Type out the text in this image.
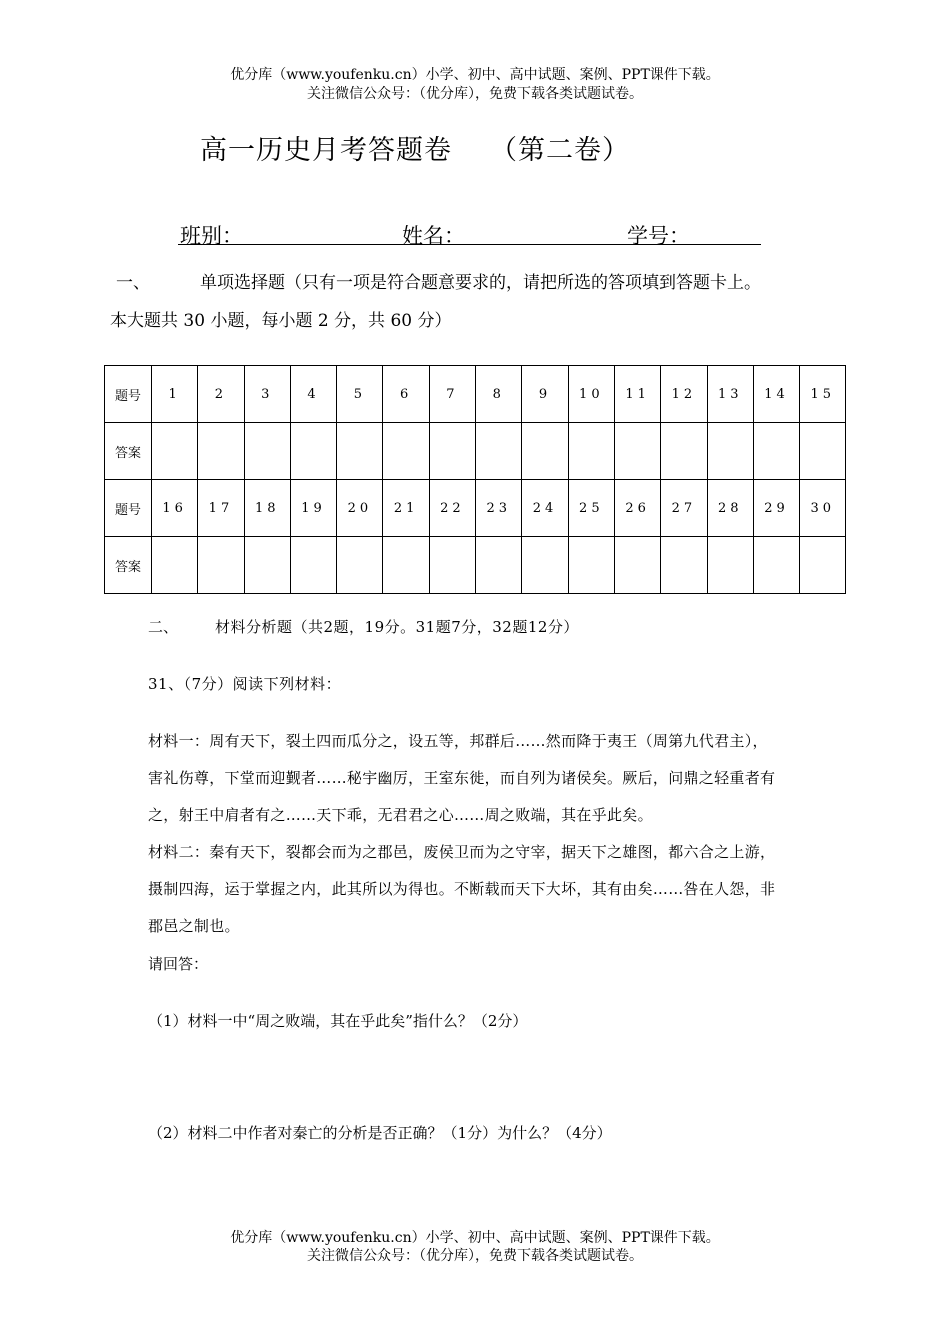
优分库（www.youfenku.cn）小学、初中、高中试题、案例、PPT课件下载。
关注微信公众号：（优分库），免费下载各类试题试卷。
高一历史月考答题卷 （第二卷）
班别：	姓名：	学号：
一、	单项选择题（只有一项是符合题意要求的，请把所选的答项填到答题卡上。
本大题共 30 小题，每小题 2 分，共 60 分）
题号	1	2	3	4	5	6	7	8	9	10	11	12	13	14	15
答案															
题号	16	17	18	19	20	21	22	23	24	25	26	27	28	29	30
答案															
二、 材料分析题（共2题，19分。31题7分，32题12分）
31、（7分）阅读下列材料：
材料一：周有天下，裂土四而瓜分之，设五等，邦群后……然而降于夷王（周第九代君主），
害礼伤尊，下堂而迎觐者……秘宇幽厉，王室东徙，而自列为诸侯矣。厥后，问鼎之轻重者有
之，射王中肩者有之……天下乖，无君君之心……周之败端，其在乎此矣。
材料二：秦有天下，裂都会而为之郡邑，废侯卫而为之守宰，据天下之雄图，都六合之上游，
摄制四海，运于掌握之内，此其所以为得也。不断载而天下大坏，其有由矣……咎在人怨，非
郡邑之制也。
请回答：
（1）材料一中“周之败端，其在乎此矣”指什么？（2分）
（2）材料二中作者对秦亡的分析是否正确？（1分）为什么？（4分）
优分库（www.youfenku.cn）小学、初中、高中试题、案例、PPT课件下载。
关注微信公众号：（优分库），免费下载各类试题试卷。
